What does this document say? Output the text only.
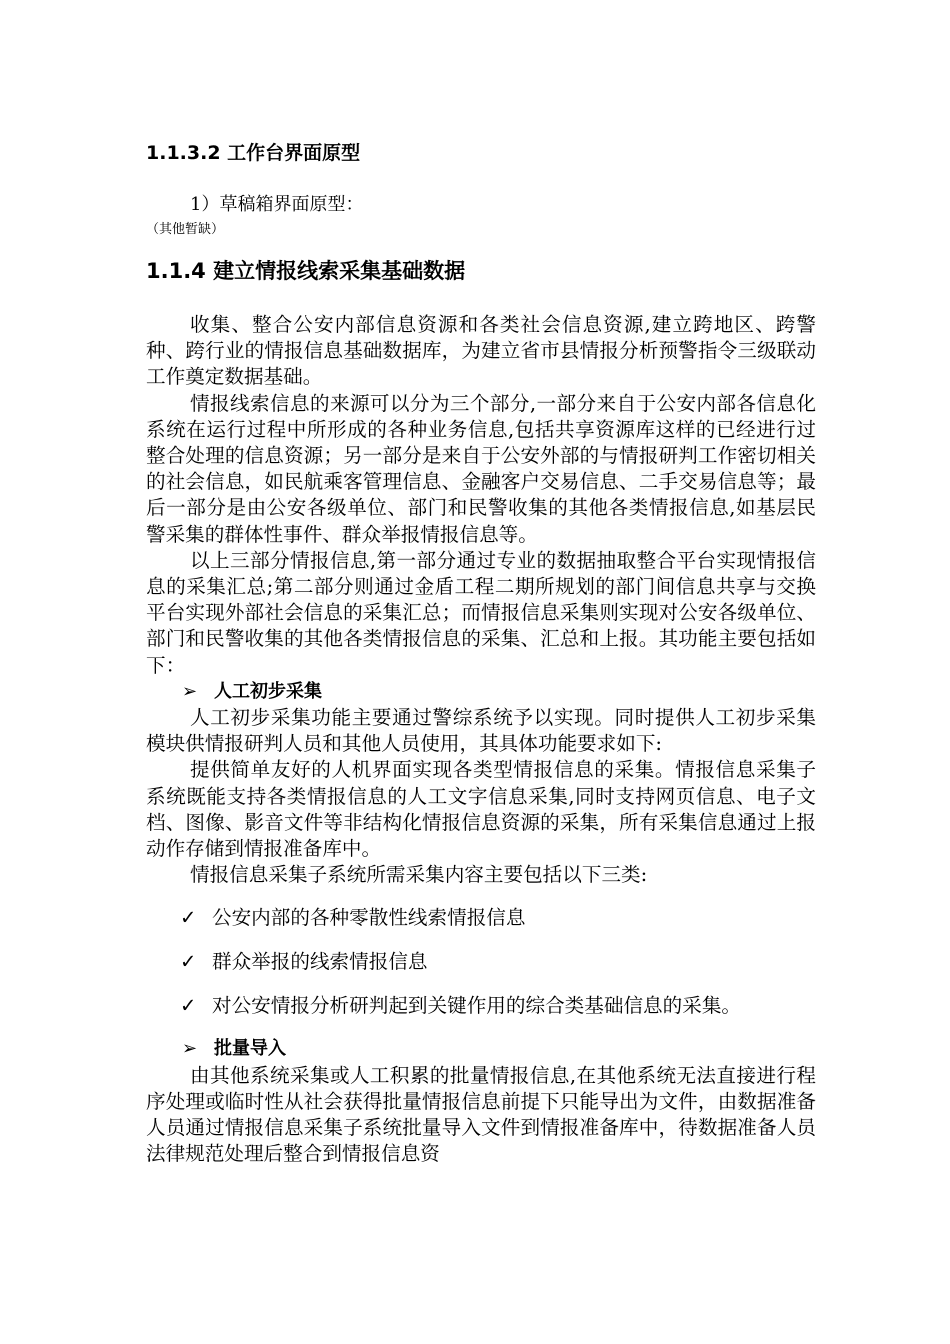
1.1.3.2 工作台界面原型
1）草稿箱界面原型：
（其他暂缺）
1.1.4 建立情报线索采集基础数据

收集、整合公安内部信息资源和各类社会信息资源,建立跨地区、跨警种、跨行业的情报信息基础数据库，为建立省市县情报分析预警指令三级联动工作奠定数据基础。

情报线索信息的来源可以分为三个部分,一部分来自于公安内部各信息化系统在运行过程中所形成的各种业务信息,包括共享资源库这样的已经进行过整合处理的信息资源；另一部分是来自于公安外部的与情报研判工作密切相关的社会信息，如民航乘客管理信息、金融客户交易信息、二手交易信息等；最后一部分是由公安各级单位、部门和民警收集的其他各类情报信息,如基层民警采集的群体性事件、群众举报情报信息等。

以上三部分情报信息,第一部分通过专业的数据抽取整合平台实现情报信息的采集汇总;第二部分则通过金盾工程二期所规划的部门间信息共享与交换平台实现外部社会信息的采集汇总；而情报信息采集则实现对公安各级单位、部门和民警收集的其他各类情报信息的采集、汇总和上报。其功能主要包括如下：

➢ 人工初步采集

人工初步采集功能主要通过警综系统予以实现。同时提供人工初步采集模块供情报研判人员和其他人员使用，其具体功能要求如下:

提供简单友好的人机界面实现各类型情报信息的采集。情报信息采集子系统既能支持各类情报信息的人工文字信息采集,同时支持网页信息、电子文档、图像、影音文件等非结构化情报信息资源的采集，所有采集信息通过上报动作存储到情报准备库中。

情报信息采集子系统所需采集内容主要包括以下三类:

✓ 公安内部的各种零散性线索情报信息
✓ 群众举报的线索情报信息
✓ 对公安情报分析研判起到关键作用的综合类基础信息的采集。
➢ 批量导入

由其他系统采集或人工积累的批量情报信息,在其他系统无法直接进行程序处理或临时性从社会获得批量情报信息前提下只能导出为文件，由数据准备人员通过情报信息采集子系统批量导入文件到情报准备库中，待数据准备人员法律规范处理后整合到情报信息资
